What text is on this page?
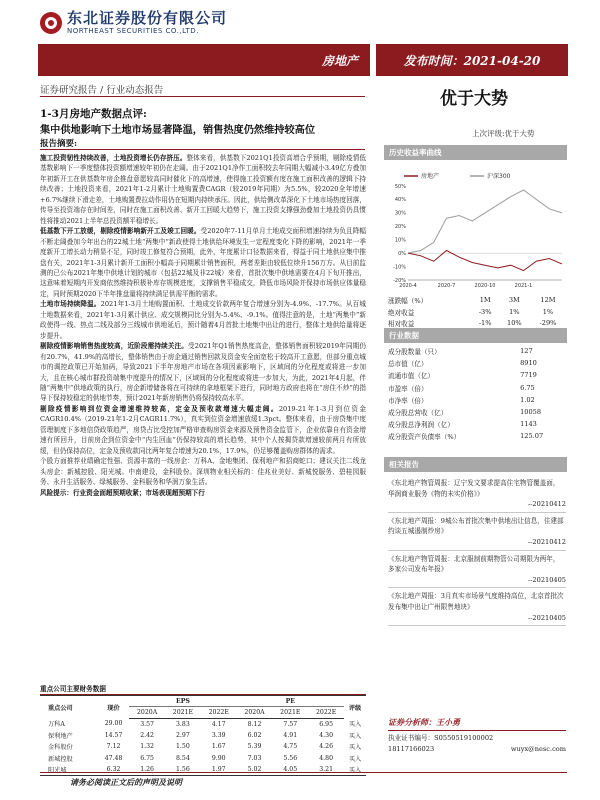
东北证券股份有限公司
NORTHEAST SECURITIES CO.,LTD.
房地产	发布时间：2021-04-20
证券研究报告 / 行业动态报告	优于大势
上次评级:优于大势
1-3月房地产数据点评:
集中供地影响下土地市场显著降温，销售热度仍然维持较高位
报告摘要:

施工投资韧性持续改善，土地投资增长仍存挤压。整体来看，供基数下2021Q1投资高增合乎预期，剔除疫情低基数影响下一季度整体投资额增速较年初仍在走阔。由于2021Q1净作工面积较去年同期大幅减小3.49亿方叠加年初新开工在供基数年房企推盘意愿较高同时催化下的高增速，使得施工投资额有度在施工面积改善的逻辑下持续改善；土地投资来看，2021年1-2月累计土地购置费CAGR（较2019年同期）为5.5%，较2020全年增速+6.7%继续下滑走差，土地购置费拉动作用仍在短期内持续承压。因此，供给侧改革深化下土地市场热度回落，传导至投资端存在时间差，同时在施工面积改善、新开工回暖大趋势下，施工投资支撑强劲叠加土地投资仍具惯性将推动2021上半年总投资额平稳增长。

低基数下开工放缓，剔除疫情影响新开工及竣工回暖。受2020年7-11月单月土地成交面积增速持续为负且降幅不断走阔叠加今年出台的22城土地“两集中”新政使得土地供给环境发生一定程度变化下降的影响，2021年一季度新开工增长动力稍显不足，同时竣工修复符合预期，此外，年度累计口径数据来看，得益于同土地供应集中推盘有关，2021年1-3月累计新开工面积小幅高于同期累计销售面积，两者差距由较低位续升156万方。从目前监测的已公布2021年集中供地计划的城市（包括22城及非22城）来看，首批次集中供地需要在4月下旬开推出，这意味着短期内开发商依然维持积极补库存规模进度，支撑销售平稳成交，降低市场风险并保持市场供应体量稳定，同时预期2020下半年推盘量将持续满足供需平衡的需求。

土地市场持续降温。2021年1-3月土地购置面积、土地成交价款两年复合增速分别为-4.9%、-17.7%。从百城土地数据来看，2021年1-3月累计供应、成交规模同比分别为-5.4%、-9.1%。值得注意的是，土地“两集中”新政使得一线、热点二线及部分三线城市供地延后，预计随着4月首批土地集中出让的进行，整体土地供给量将逐步提升。

剔除疫情影响销售热度较高，近阶段需持续关注。受2021年Q1销售热度高企，整体销售面积较2019年同期仍有20.7%，41.9%的高增长，整体销售由于房企通过销售回款及资金安全面宽松于较高开工意愿，但部分重点城市的调控政策已开始加码，导致2021下半年房地产市场在各项因素影响下，区域间的分化程度或将进一步加大，且在核心城市群投资端集中度提升的情况下，区域间的分化程度或将进一步加大，为此，2021年4月起，伴随“两集中”供地政策的执行，房企新增储备将在可持续的拿地框架下进行，同时地方政府也将在“房住不炒”的指导下保持较稳定的供地节奏，预计2021年新房销售仍将保持较高水平。

剔除疫情影响到位资金增速维持较高，定金及预收款增速大幅走阔。2019-21年1-3月到位资金CAGR10.4%（2019-21年1-2月CAGR11.7%），真实到位资金增速放缓1.3pct。整体来看，由于房贷集中度管理制度下多地信贷政策趋严，房贷占比受控加严格审查购房资金来源及预售资金监管下，企业依靠自有资金增速有所回升，目前房企到位资金中“内生回血”仍保持较高的增长趋势，其中个人按揭贷款增速较前两月有所放缓，但仍保持高位，定金及预收款同比两年复合增速为20.1%，17.9%，仍足够覆盖购房群体的需求。

个股方面推荐业绩确定性强、资源丰富的一线房企：万科A、金地集团、保利地产和招商蛇口；建议关注二线龙头房企：新城控股、阳光城。中南建设，金科股份。深圳物业相关标的：佳兆业美好、新城悦服务、碧桂园服务、永升生活服务、绿城服务、金科服务和华润万象生活。

风险提示：行业资金面超预期收紧；市场表现超预期下行

重点公司主要财务数据
重点公司	现价	EPS			PE			评级
		2020A	2021E	2022E	2020A	2021E	2022E	
万科A	29.00	3.57	3.83	4.17	8.12	7.57	6.95	买入
保利地产	14.57	2.42	2.97	3.39	6.02	4.91	4.30	买入
金科股份	7.12	1.32	1.50	1.67	5.39	4.75	4.26	买入
新城控股	47.48	6.75	8.54	9.90	7.03	5.56	4.80	买入
阳光城	6.32	1.26	1.56	1.97	5.02	4.05	3.21	买入
请务必阅读正文后的声明及说明
历史收益率曲线
房地产	沪深300
50%
40%
30%
20%
10%
0%
-10%
-20%
2020-4	2020-7	2020-10	2021-1
涨跌幅（%）	1M	3M	12M
绝对收益	-3%	1%	1%
相对收益	-1%	10%	-29%
行业数据
成分股数量（只）	127
总市值（亿）	8910
流通市值（亿）	7719
市盈率（倍）	6.75
市净率（倍）	1.02
成分股总营收（亿）	10058
成分股总净利润（亿）	1143
成分股资产负债率（%）	125.07
相关报告
《东北地产物管周报：辽宁发文要求提高住宅物管覆盖面，华润商业服务《物的未实价格》》
--20210412
《东北地产周报：9城公布首批次集中供地出让信息，住建部约谈五城遏制炒房》
--20210412
《东北地产物管周报：北京服制前期物管公司期限为两年，多家公司发布年报》
--20210405
《东北地产周报：3月真实市场景气度维持高位，北京首批次发布集中出让广州限售地块》
--20210405
证券分析师：王小勇
执业证书编号：S0550519100002
18117166023	wuyx@nesc.com
